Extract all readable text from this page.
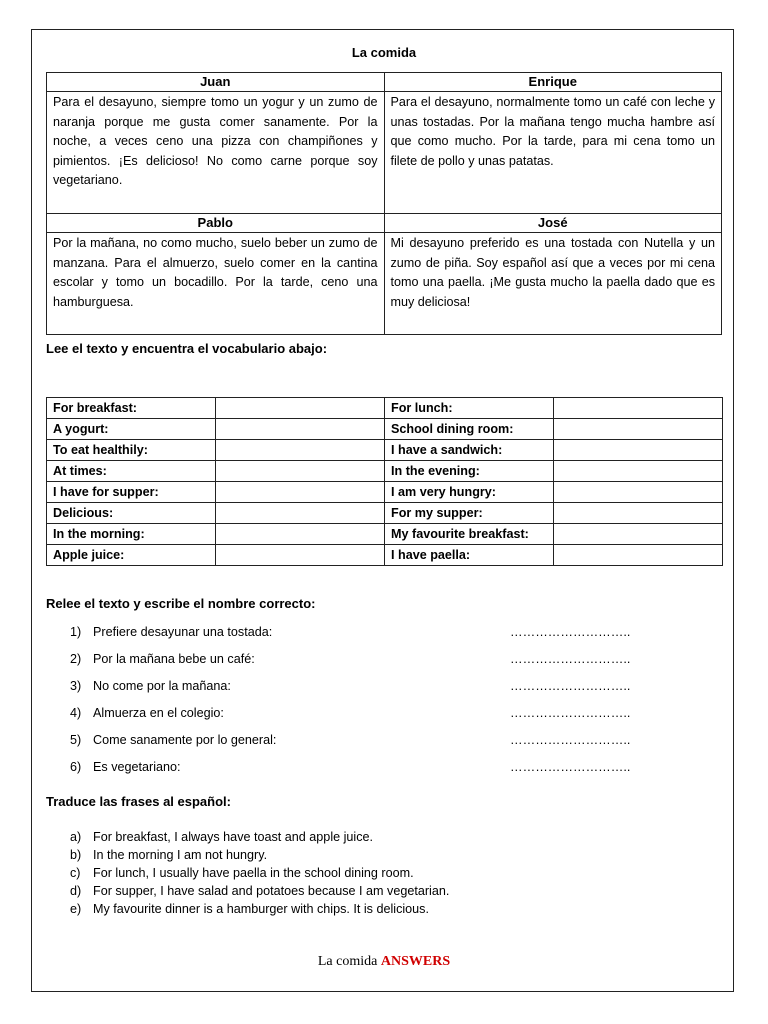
La comida
Juan	Enrique
Para el desayuno, siempre tomo un yogur y un zumo de naranja porque me gusta comer sanamente. Por la noche, a veces ceno una pizza con champiñones y pimientos. ¡Es delicioso! No como carne porque soy vegetariano.	Para el desayuno, normalmente tomo un café con leche y unas tostadas. Por la mañana tengo mucha hambre así que como mucho. Por la tarde, para mi cena tomo un filete de pollo y unas patatas.
Pablo	José
Por la mañana, no como mucho, suelo beber un zumo de manzana. Para el almuerzo, suelo comer en la cantina escolar y tomo un bocadillo. Por la tarde, ceno una hamburguesa.	Mi desayuno preferido es una tostada con Nutella y un zumo de piña. Soy español así que a veces por mi cena tomo una paella. ¡Me gusta mucho la paella dado que es muy deliciosa!
Lee el texto y encuentra el vocabulario abajo:
For breakfast:		For lunch:	
A yogurt:		School dining room:	
To eat healthily:		I have a sandwich:	
At times:		In the evening:	
I have for supper:		I am very hungry:	
Delicious:		For my supper:	
In the morning:		My favourite breakfast:	
Apple juice:		I have paella:	
Relee el texto y escribe el nombre correcto:
1) Prefiere desayunar una tostada:	………………………..
2) Por la mañana bebe un café:	………………………..
3) No come por la mañana:	………………………..
4) Almuerza en el colegio:	………………………..
5) Come sanamente por lo general:	………………………..
6) Es vegetariano:	………………………..
Traduce las frases al español:
a) For breakfast, I always have toast and apple juice.
b) In the morning I am not hungry.
c) For lunch, I usually have paella in the school dining room.
d) For supper, I have salad and potatoes because I am vegetarian.
e) My favourite dinner is a hamburger with chips. It is delicious.
La comida ANSWERS
